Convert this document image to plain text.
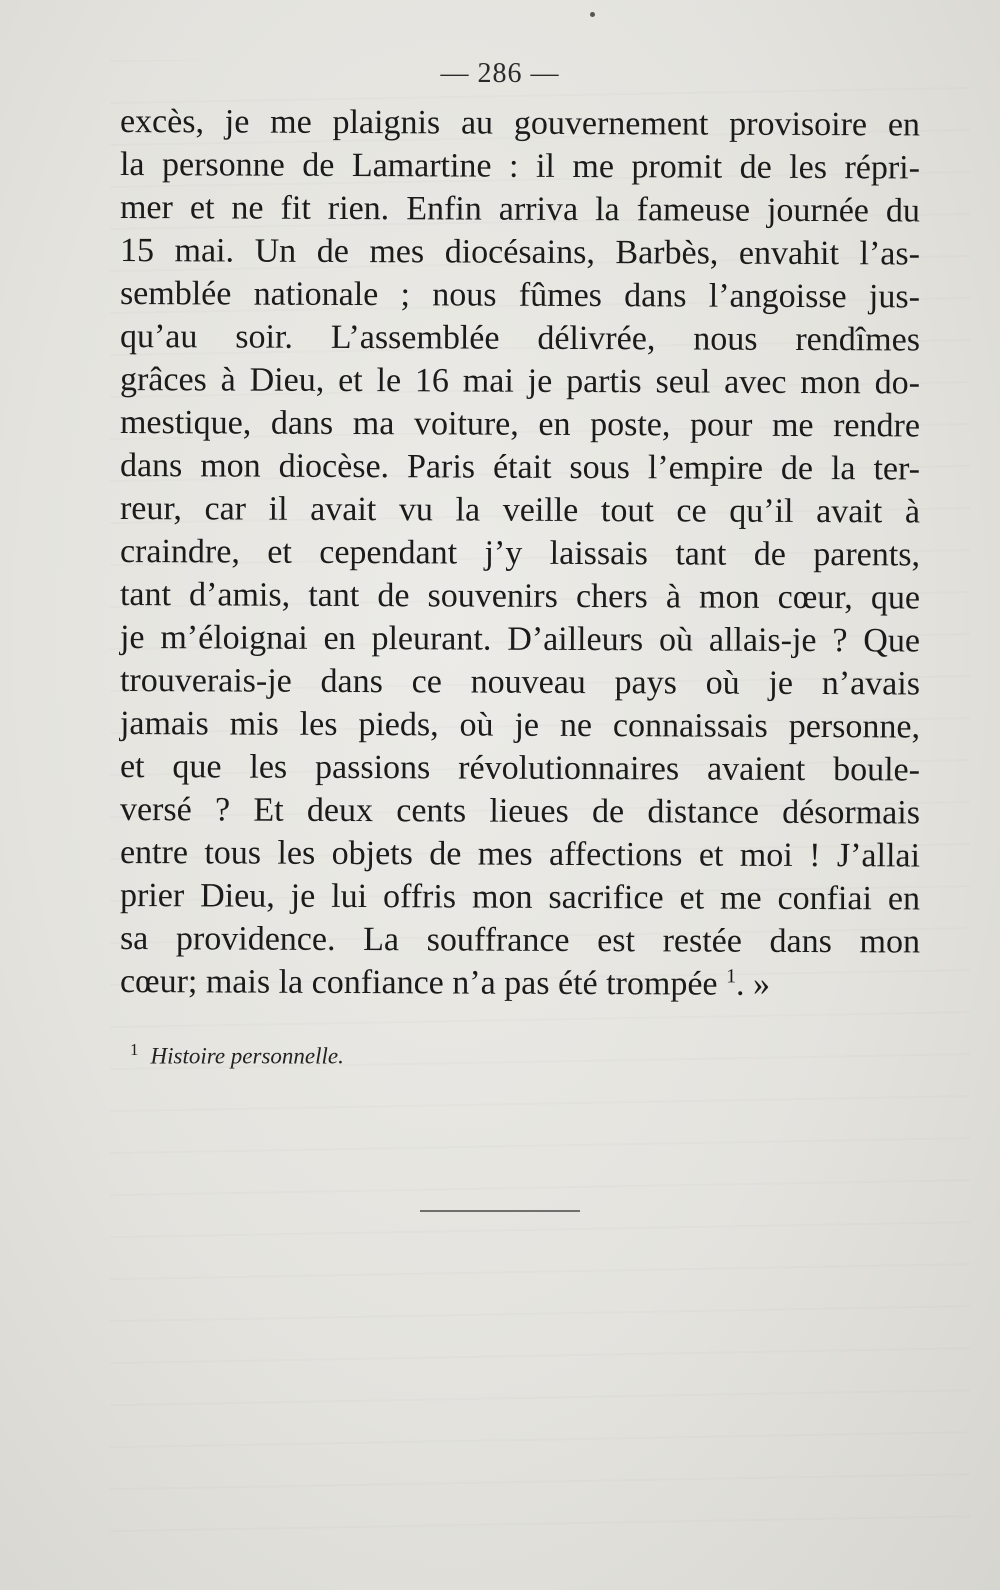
— 286 —
excès, je me plaignis au gouvernement provisoire en
la personne de Lamartine : il me promit de les répri-
mer et ne fit rien. Enfin arriva la fameuse journée du
15 mai. Un de mes diocésains, Barbès, envahit l’as-
semblée nationale ; nous fûmes dans l’angoisse jus-
qu’au soir. L’assemblée délivrée, nous rendîmes
grâces à Dieu, et le 16 mai je partis seul avec mon do-
mestique, dans ma voiture, en poste, pour me rendre
dans mon diocèse. Paris était sous l’empire de la ter-
reur, car il avait vu la veille tout ce qu’il avait à
craindre, et cependant j’y laissais tant de parents,
tant d’amis, tant de souvenirs chers à mon cœur, que
je m’éloignai en pleurant. D’ailleurs où allais-je ? Que
trouverais-je dans ce nouveau pays où je n’avais
jamais mis les pieds, où je ne connaissais personne,
et que les passions révolutionnaires avaient boule-
versé ? Et deux cents lieues de distance désormais
entre tous les objets de mes affections et moi ! J’allai
prier Dieu, je lui offris mon sacrifice et me confiai en
sa providence. La souffrance est restée dans mon
cœur; mais la confiance n’a pas été trompée $^1$. »
$^1$ Histoire personnelle.
